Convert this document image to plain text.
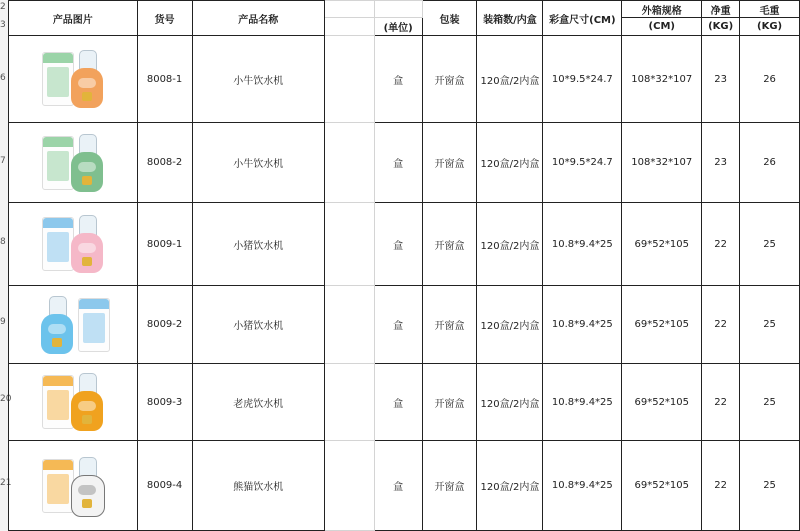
2
3
6
7
8
9
20
21
产品图片	货号	产品名称			包装	装箱数/内盒	彩盒尺寸(CM)	外箱规格	净重	毛重
				(单位)				(CM)	(KG)	(KG)

	8008-1	小牛饮水机		盒	开窗盒	120盒/2内盒	10*9.5*24.7	108*32*107	23	26

	8008-2	小牛饮水机		盒	开窗盒	120盒/2内盒	10*9.5*24.7	108*32*107	23	26

	8009-1	小猪饮水机		盒	开窗盒	120盒/2内盒	10.8*9.4*25	69*52*105	22	25

	8009-2	小猪饮水机		盒	开窗盒	120盒/2内盒	10.8*9.4*25	69*52*105	22	25

	8009-3	老虎饮水机		盒	开窗盒	120盒/2内盒	10.8*9.4*25	69*52*105	22	25

	8009-4	熊猫饮水机		盒	开窗盒	120盒/2内盒	10.8*9.4*25	69*52*105	22	25
